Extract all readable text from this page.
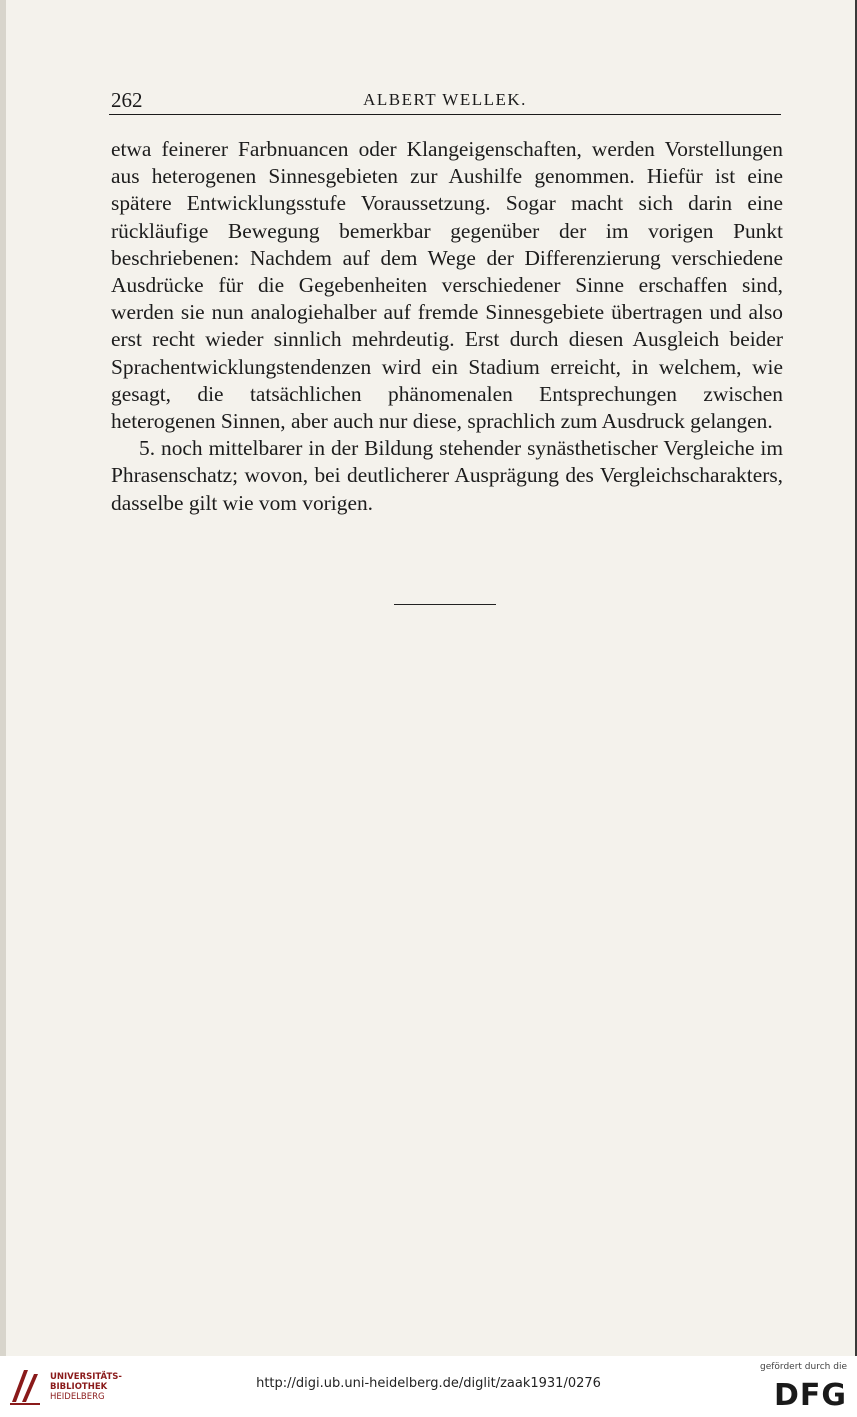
262	ALBERT WELLEK.

etwa feinerer Farbnuancen oder Klangeigenschaften, werden Vorstellungen aus heterogenen Sinnesgebieten zur Aushilfe genommen. Hiefür ist eine spätere Entwicklungsstufe Voraussetzung. Sogar macht sich darin eine rückläufige Bewegung bemerkbar gegenüber der im vorigen Punkt beschriebenen: Nachdem auf dem Wege der Differenzierung verschiedene Ausdrücke für die Gegebenheiten verschiedener Sinne erschaffen sind, werden sie nun analogiehalber auf fremde Sinnesgebiete übertragen und also erst recht wieder sinnlich mehrdeutig. Erst durch diesen Ausgleich beider Sprachentwicklungstendenzen wird ein Stadium erreicht, in welchem, wie gesagt, die tatsächlichen phänomenalen Entsprechungen zwischen heterogenen Sinnen, aber auch nur diese, sprachlich zum Ausdruck gelangen.

5. noch mittelbarer in der Bildung stehender synästhetischer Vergleiche im Phrasenschatz; wovon, bei deutlicherer Ausprägung des Vergleichscharakters, dasselbe gilt wie vom vorigen.

UNIVERSITÄTS-
BIBLIOTHEK
HEIDELBERG
http://digi.ub.uni-heidelberg.de/diglit/zaak1931/0276
gefördert durch die
DFG
